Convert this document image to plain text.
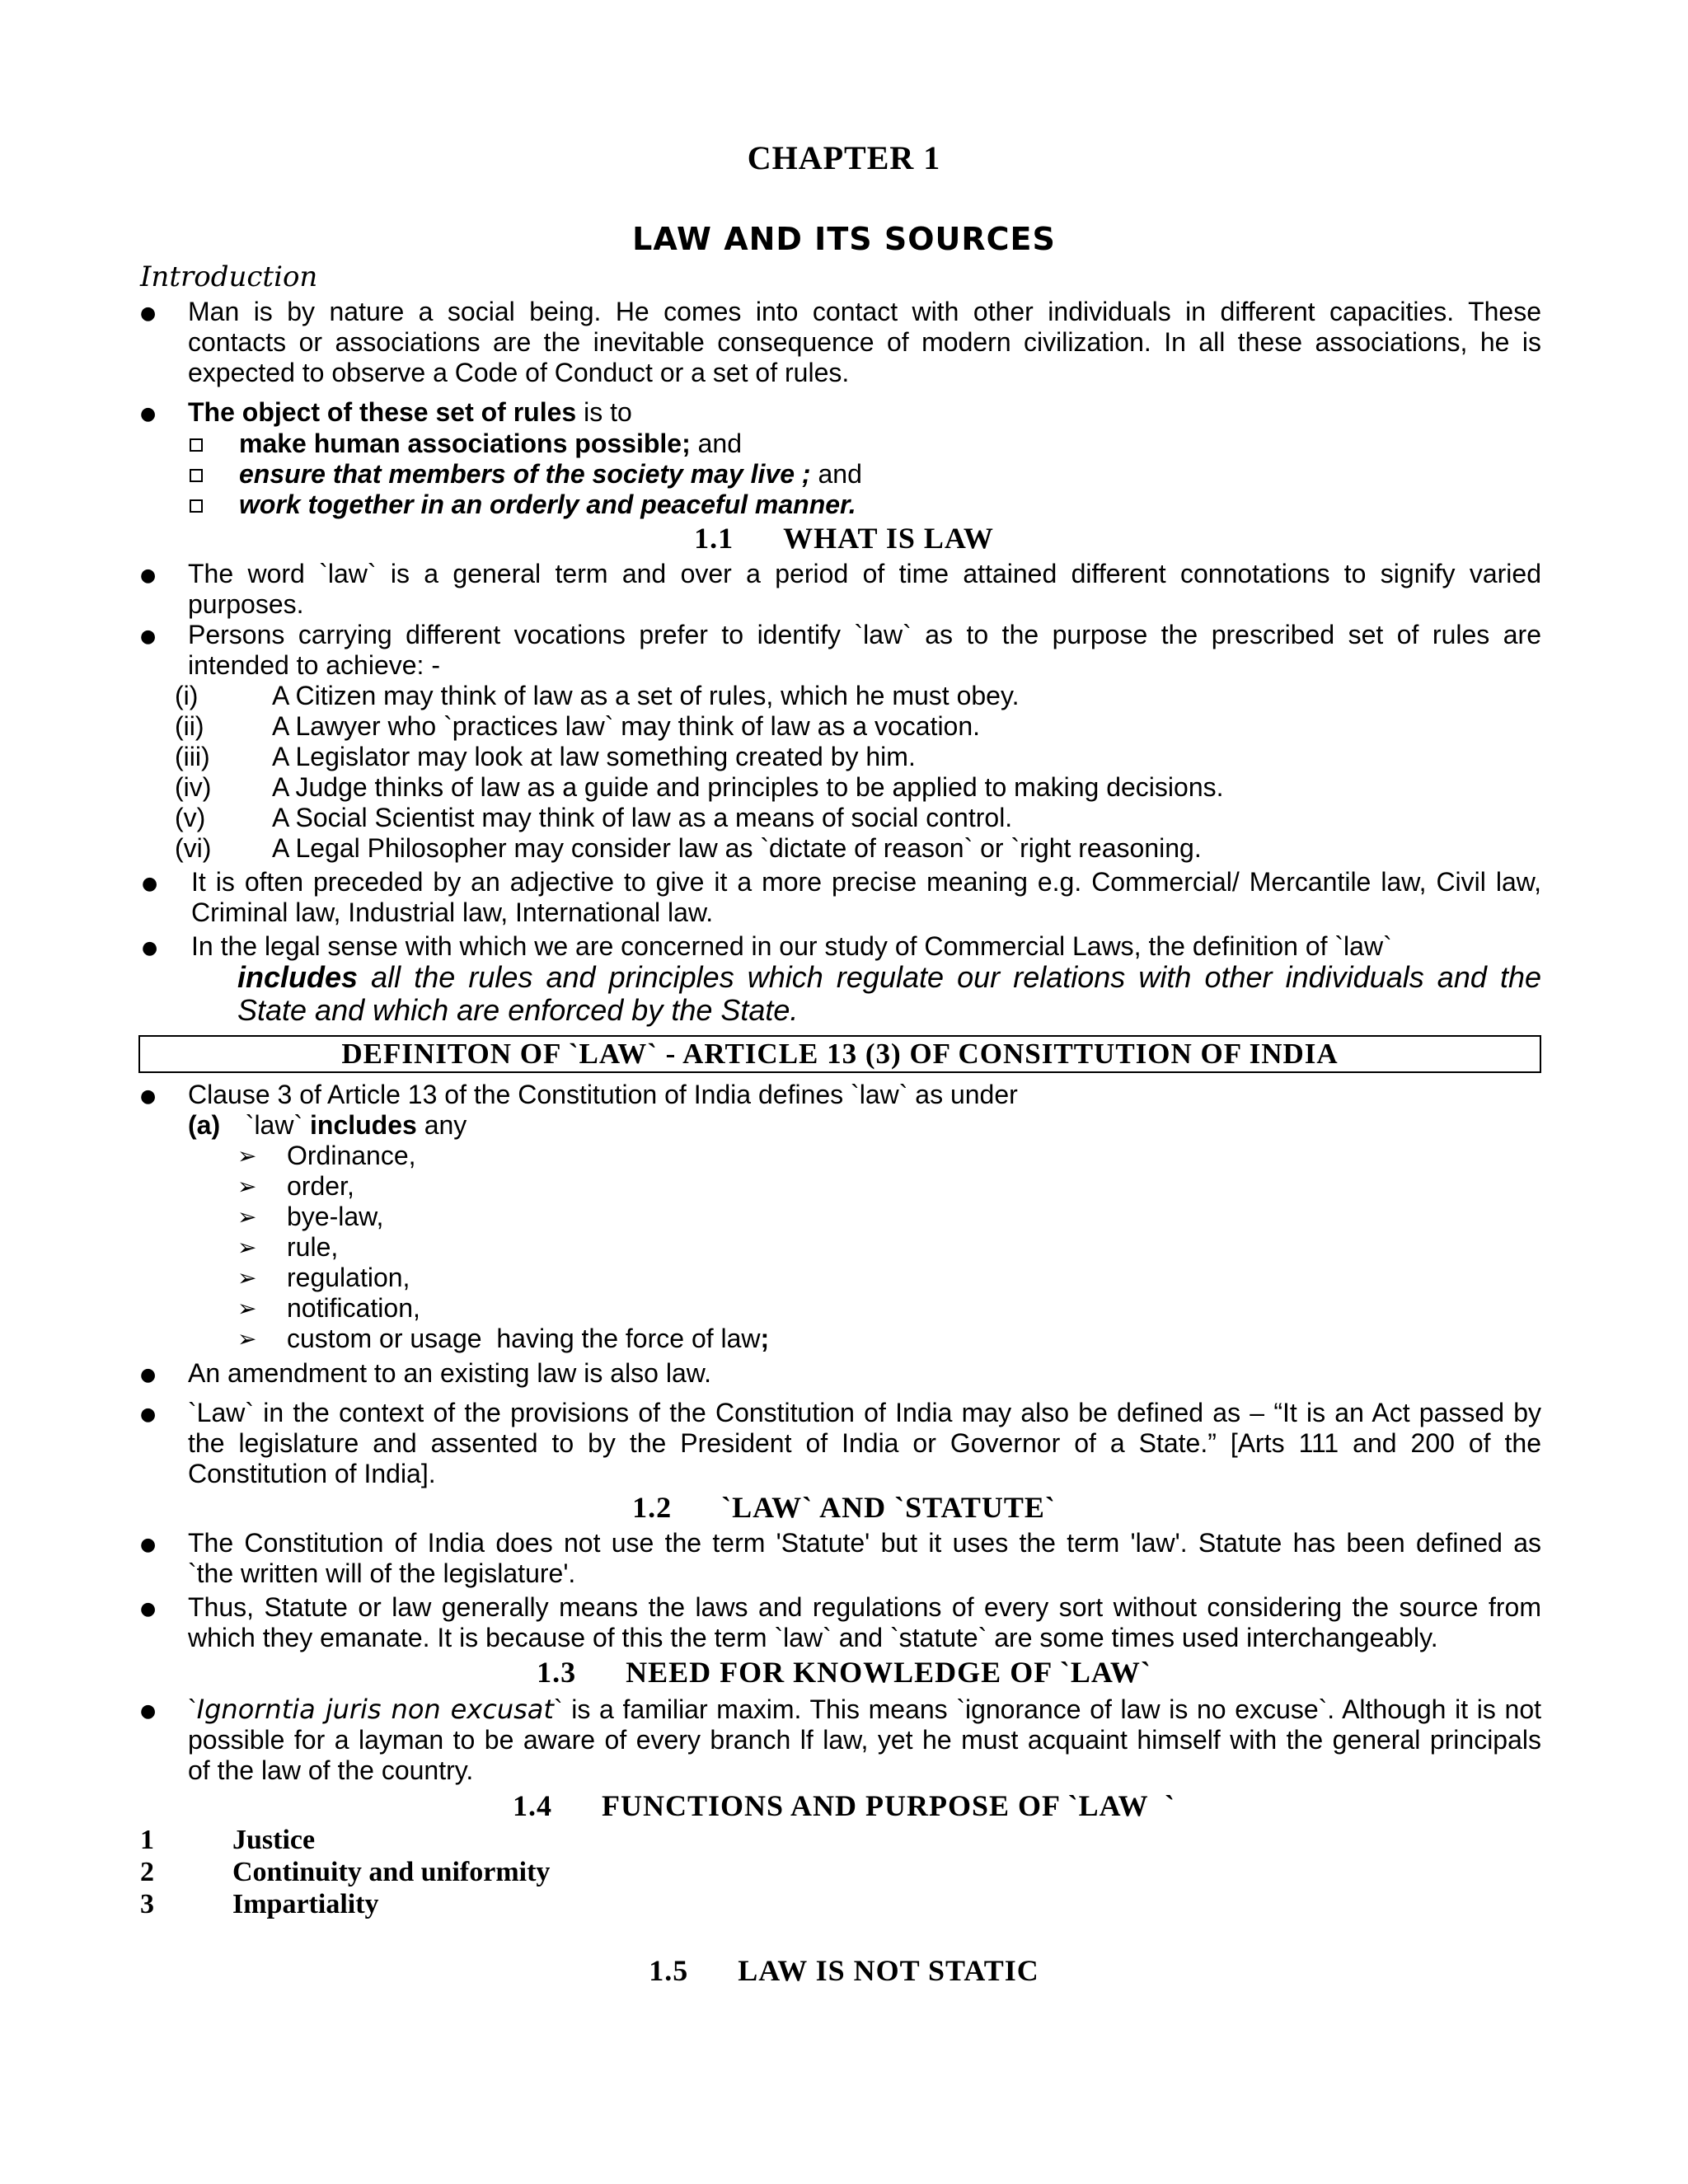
CHAPTER 1
LAW AND ITS SOURCES
Introduction
● Man is by nature a social being. He comes into contact with other individuals in different capacities. These
contacts or associations are the inevitable consequence of modern civilization. In all these associations, he is
expected to observe a Code of Conduct or a set of rules.
● The object of these set of rules is to
make human associations possible; and
ensure that members of the society may live ; and
work together in an orderly and peaceful manner.
1.1 WHAT IS LAW
● The word `law` is a general term and over a period of time attained different connotations to signify varied
purposes.
● Persons carrying different vocations prefer to identify `law` as to the purpose the prescribed set of rules are
intended to achieve: -
(i)	A Citizen may think of law as a set of rules, which he must obey.
(ii)	A Lawyer who `practices law` may think of law as a vocation.
(iii) A Legislator may look at law something created by him.
(iv) A Judge thinks of law as a guide and principles to be applied to making decisions.
(v)	A Social Scientist may think of law as a means of social control.
(vi) A Legal Philosopher may consider law as `dictate of reason` or `right reasoning.
● It is often preceded by an adjective to give it a more precise meaning e.g. Commercial/ Mercantile law, Civil law,
Criminal law, Industrial law, International law.
● In the legal sense with which we are concerned in our study of Commercial Laws, the definition of `law`
includes all the rules and principles which regulate our relations with other individuals and the
State and which are enforced by the State.
DEFINITON OF `LAW` - ARTICLE 13 (3) OF CONSITTUTION OF INDIA
● Clause 3 of Article 13 of the Constitution of India defines `law` as under
(a) `law` includes any
➢ Ordinance,
➢ order,
➢ bye-law,
➢ rule,
➢ regulation,
➢ notification,
➢ custom or usage  having the force of law;
● An amendment to an existing law is also law.
● `Law` in the context of the provisions of the Constitution of India may also be defined as – “It is an Act passed by
the legislature and assented to by the President of India or Governor of a State.” [Arts 111 and 200 of the
Constitution of India].
1.2 `LAW` AND `STATUTE`
● The Constitution of India does not use the term 'Statute' but it uses the term 'law'. Statute has been defined as
`the written will of the legislature'.
● Thus, Statute or law generally means the laws and regulations of every sort without considering the source from
which they emanate. It is because of this the term `law` and `statute` are some times used interchangeably.
1.3 NEED FOR KNOWLEDGE OF `LAW`
● `Ignorntia juris non excusat` is a familiar maxim. This means `ignorance of law is no excuse`. Although it is not
possible for a layman to be aware of every branch lf law, yet he must acquaint himself with the general principals
of the law of the country.
1.4 FUNCTIONS AND PURPOSE OF `LAW  `
1	Justice
2	Continuity and uniformity
3	Impartiality
1.5 LAW IS NOT STATIC
